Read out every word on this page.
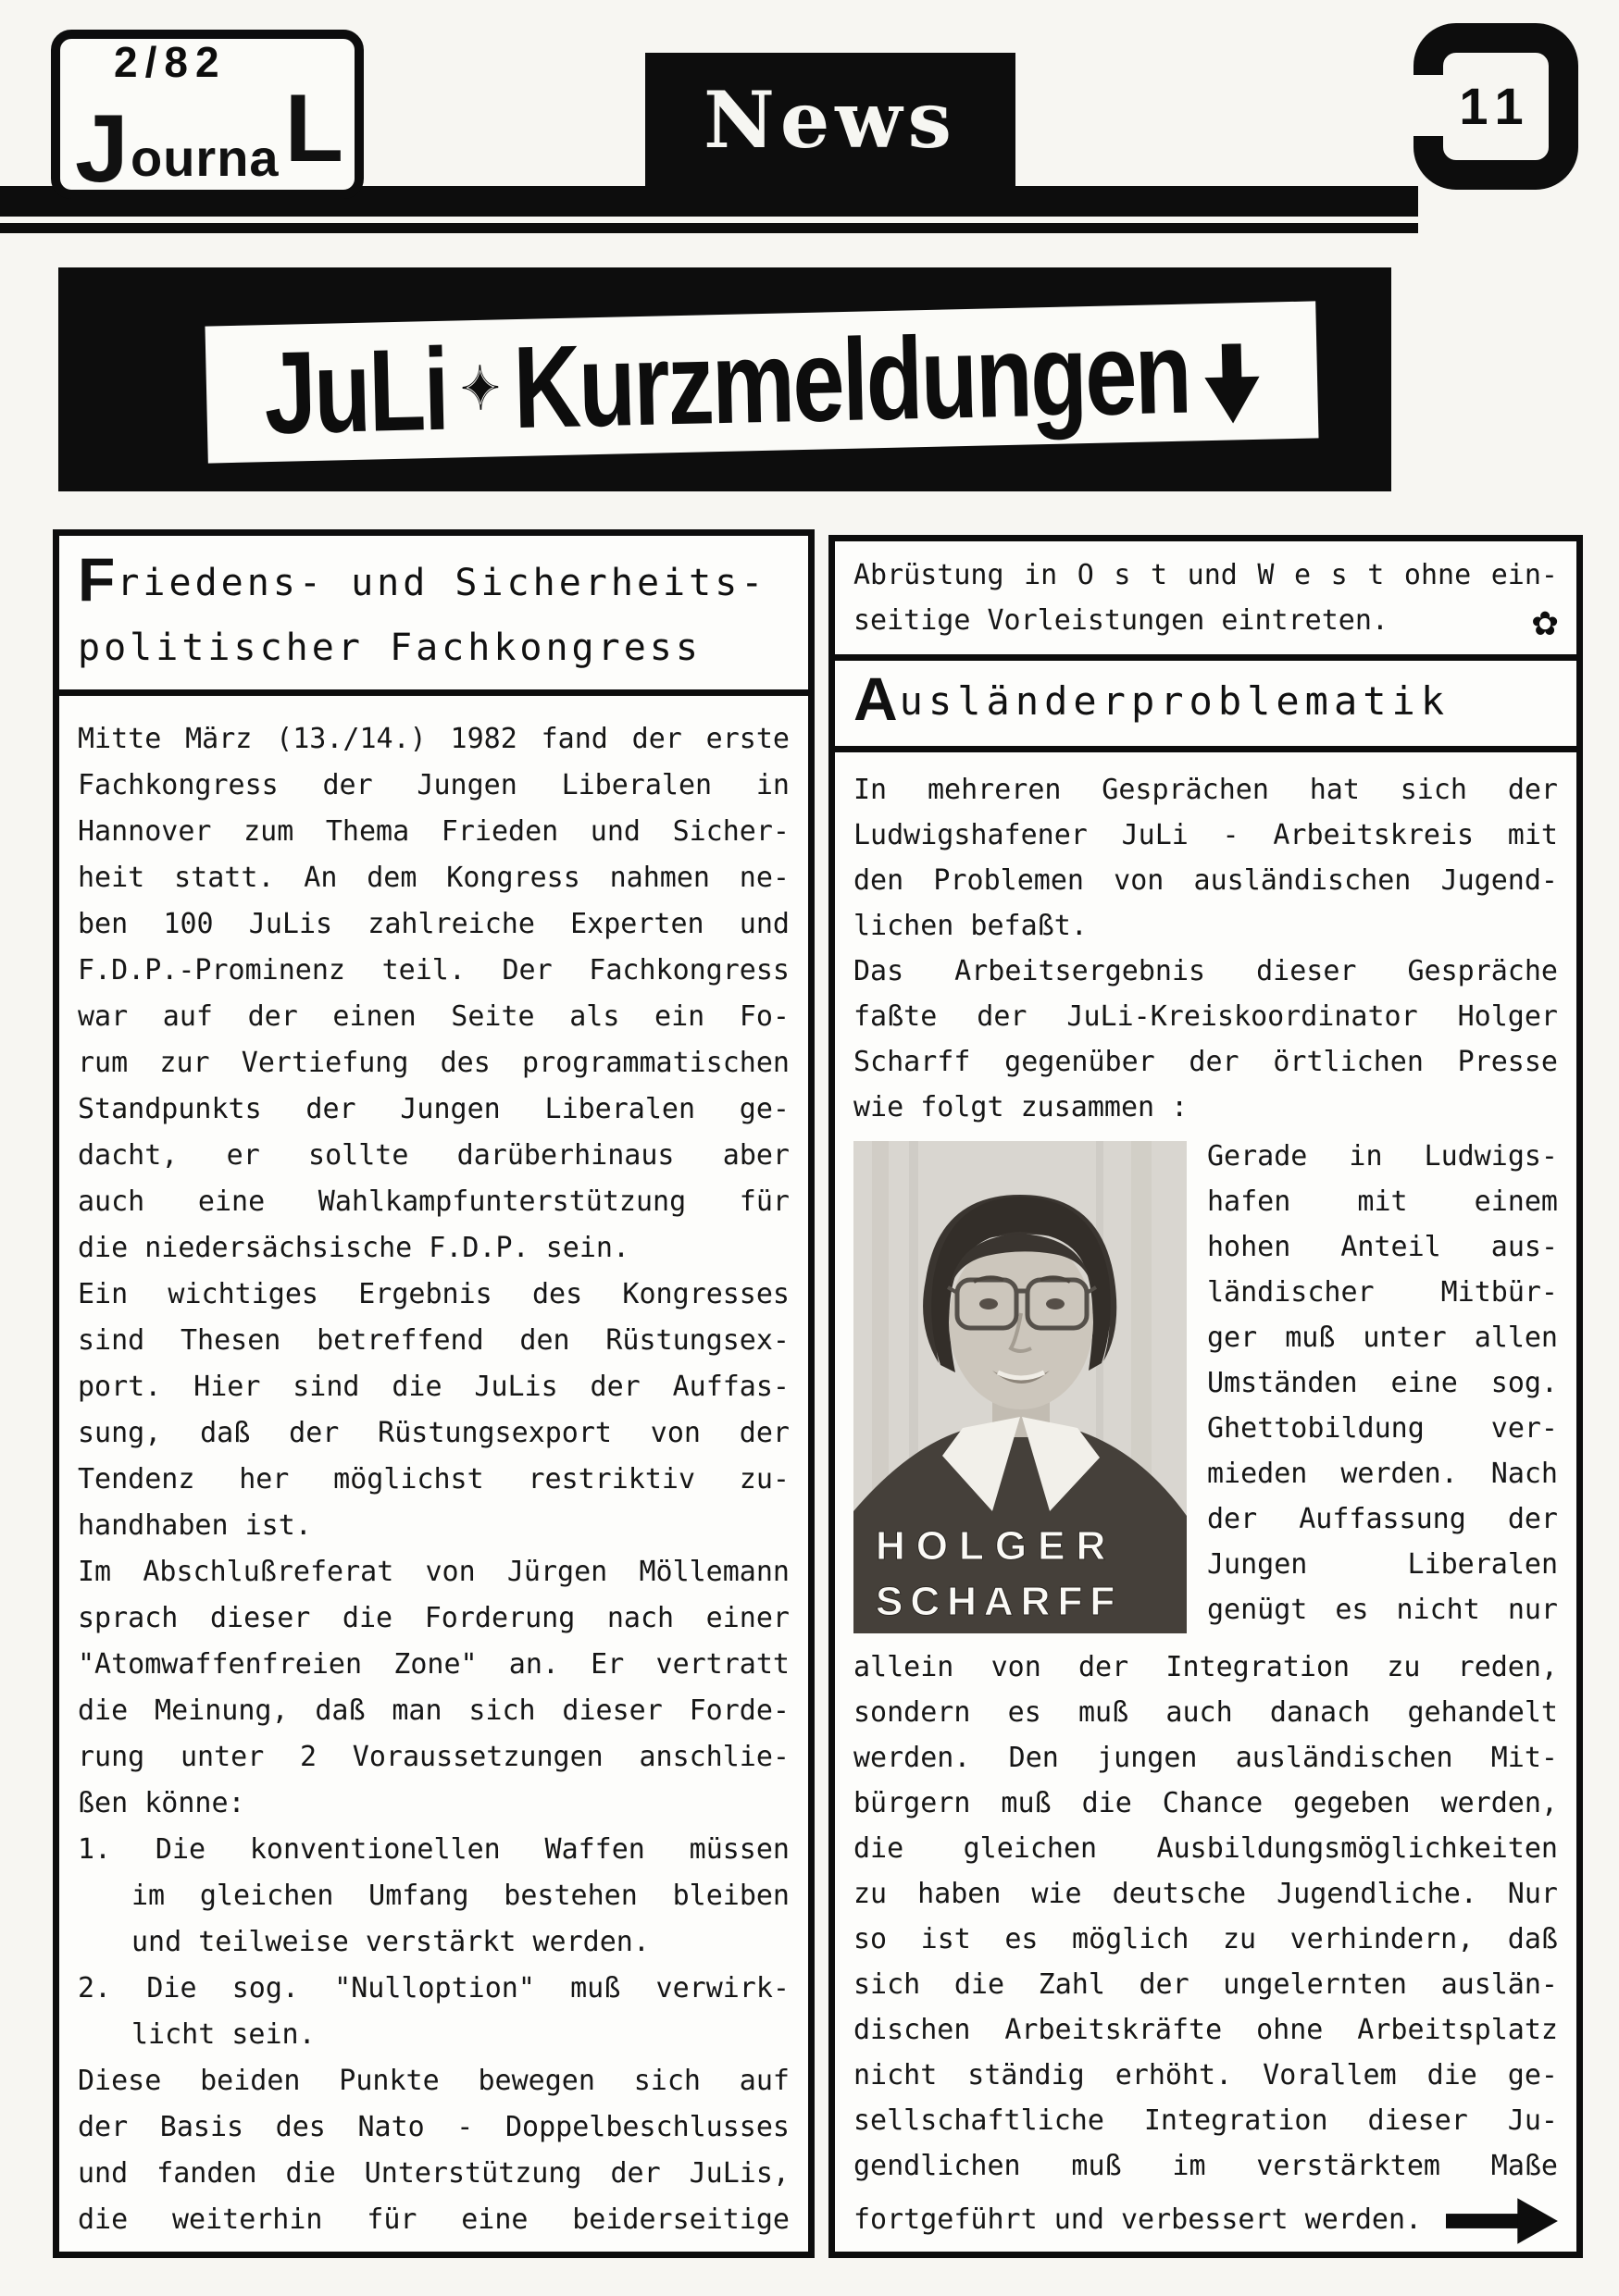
2/82
J ourna L	News	11
JuLi ✦ Kurzmeldungen
Friedens- und Sicherheits-
politischer Fachkongress
Mitte März (13./14.) 1982 fand der erste
Fachkongress der Jungen Liberalen in
Hannover zum Thema Frieden und Sicher-
heit statt. An dem Kongress nahmen ne-
ben 100 JuLis zahlreiche Experten und
F.D.P.-Prominenz teil. Der Fachkongress
war auf der einen Seite als ein Fo-
rum zur Vertiefung des programmatischen
Standpunkts der Jungen Liberalen ge-
dacht, er sollte darüberhinaus aber
auch eine Wahlkampfunterstützung für
die niedersächsische F.D.P. sein.
Ein wichtiges Ergebnis des Kongresses
sind Thesen betreffend den Rüstungsex-
port. Hier sind die JuLis der Auffas-
sung, daß der Rüstungsexport von der
Tendenz her möglichst restriktiv zu-
handhaben ist.
Im Abschlußreferat von Jürgen Möllemann
sprach dieser die Forderung nach einer
"Atomwaffenfreien Zone" an. Er vertratt
die Meinung, daß man sich dieser Forde-
rung unter 2 Voraussetzungen anschlie-
ßen könne:
1. Die konventionellen Waffen müssen
im gleichen Umfang bestehen bleiben
und teilweise verstärkt werden.
2. Die sog. "Nulloption" muß verwirk-
licht sein.
Diese beiden Punkte bewegen sich auf
der Basis des Nato - Doppelbeschlusses
und fanden die Unterstützung der JuLis,
die weiterhin für eine beiderseitige
Abrüstung in O s t und W e s t ohne ein-
seitige Vorleistungen eintreten.	✿
Ausländerproblematik
In mehreren Gesprächen hat sich der
Ludwigshafener JuLi - Arbeitskreis mit
den Problemen von ausländischen Jugend-
lichen befaßt.
Das Arbeitsergebnis dieser Gespräche
faßte der JuLi-Kreiskoordinator Holger
Scharff gegenüber der örtlichen Presse
wie folgt zusammen :
HOLGER
SCHARFF
Gerade in Ludwigs-
hafen mit einem
hohen Anteil aus-
ländischer Mitbür-
ger muß unter allen
Umständen eine sog.
Ghettobildung ver-
mieden werden. Nach
der Auffassung der
Jungen Liberalen
genügt es nicht nur
allein von der Integration zu reden,
sondern es muß auch danach gehandelt
werden. Den jungen ausländischen Mit-
bürgern muß die Chance gegeben werden,
die gleichen Ausbildungsmöglichkeiten
zu haben wie deutsche Jugendliche. Nur
so ist es möglich zu verhindern, daß
sich die Zahl der ungelernten auslän-
dischen Arbeitskräfte ohne Arbeitsplatz
nicht ständig erhöht. Vorallem die ge-
sellschaftliche Integration dieser Ju-
gendlichen muß im verstärktem Maße
fortgeführt und verbessert werden.
